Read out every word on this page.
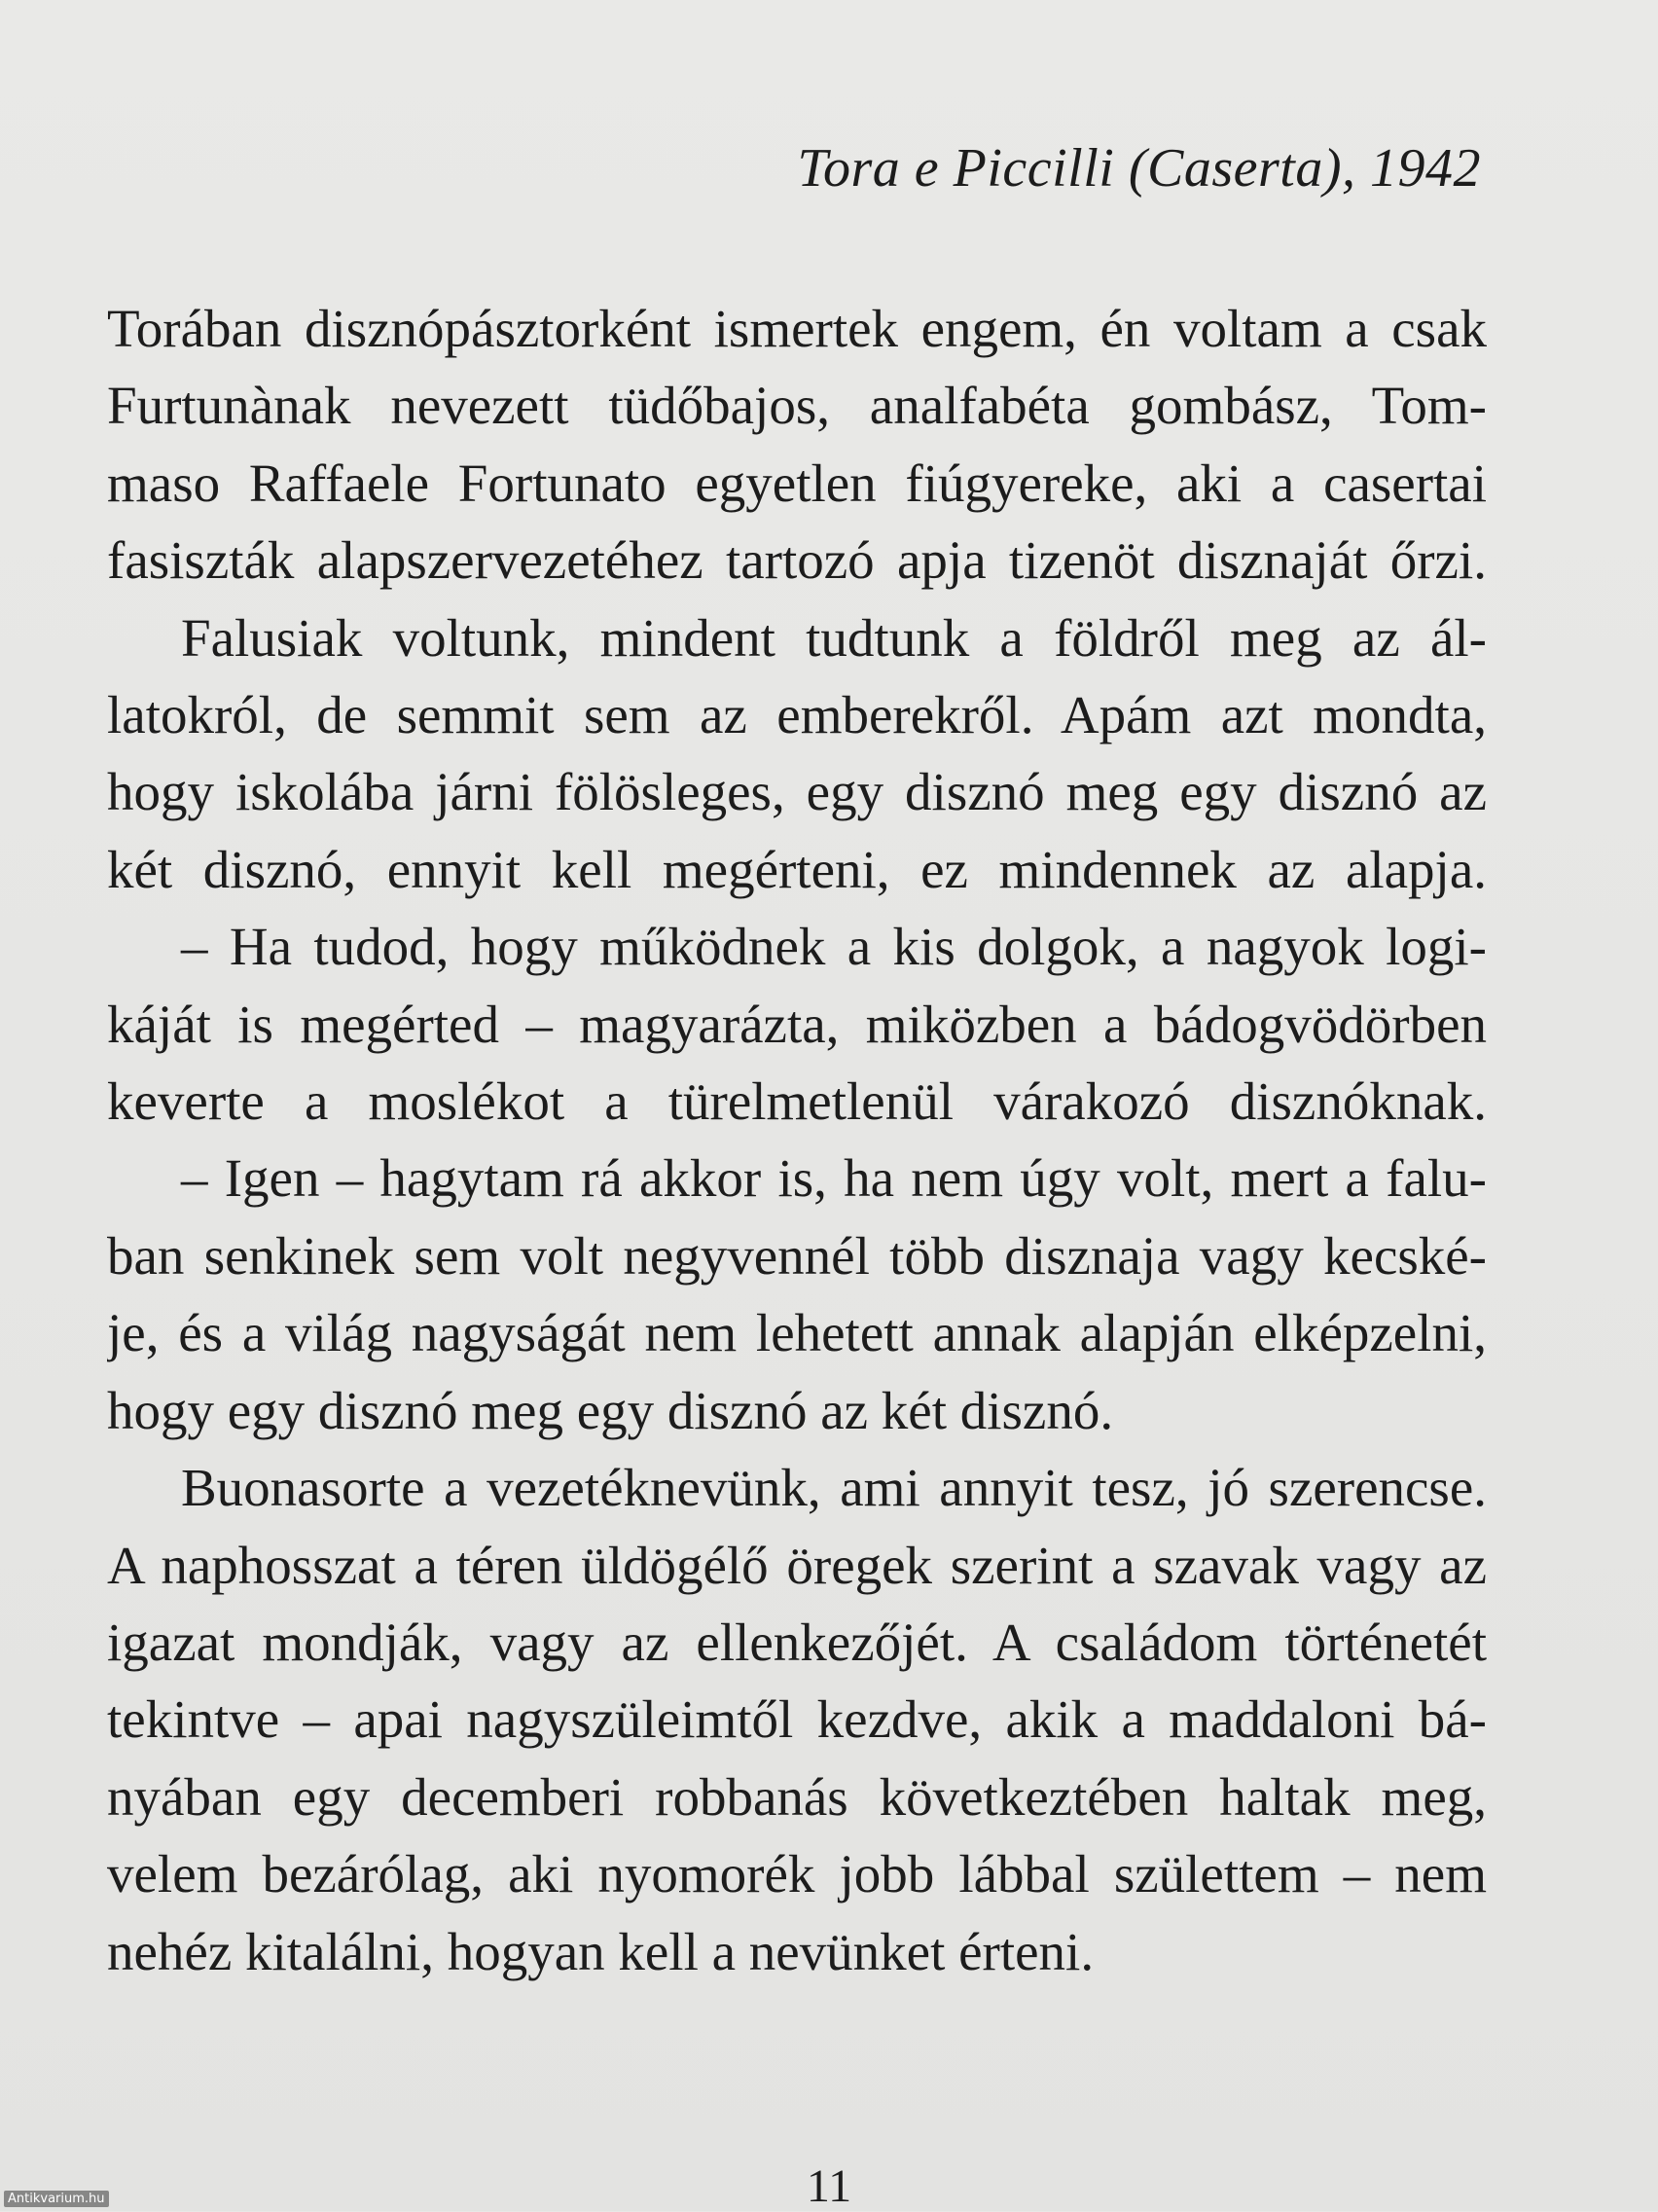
Tora e Piccilli (Caserta), 1942

Torában disznópásztorként ismertek engem, én voltam a csak
Furtunànak nevezett tüdőbajos, analfabéta gombász, Tom-
maso Raffaele Fortunato egyetlen fiúgyereke, aki a casertai
fasiszták alapszervezetéhez tartozó apja tizenöt disznaját őrzi.

Falusiak voltunk, mindent tudtunk a földről meg az ál-
latokról, de semmit sem az emberekről. Apám azt mondta,
hogy iskolába járni fölösleges, egy disznó meg egy disznó az
két disznó, ennyit kell megérteni, ez mindennek az alapja.

– Ha tudod, hogy működnek a kis dolgok, a nagyok logi-
káját is megérted – magyarázta, miközben a bádogvödörben
keverte a moslékot a türelmetlenül várakozó disznóknak.

– Igen – hagytam rá akkor is, ha nem úgy volt, mert a falu-
ban senkinek sem volt negyvennél több disznaja vagy kecské-
je, és a világ nagyságát nem lehetett annak alapján elképzelni,
hogy egy disznó meg egy disznó az két disznó.

Buonasorte a vezetéknevünk, ami annyit tesz, jó szerencse.
A naphosszat a téren üldögélő öregek szerint a szavak vagy az
igazat mondják, vagy az ellenkezőjét. A családom történetét
tekintve – apai nagyszüleimtől kezdve, akik a maddaloni bá-
nyában egy decemberi robbanás következtében haltak meg,
velem bezárólag, aki nyomorék jobb lábbal születtem – nem
nehéz kitalálni, hogyan kell a nevünket érteni.

11
Antikvarium.hu
